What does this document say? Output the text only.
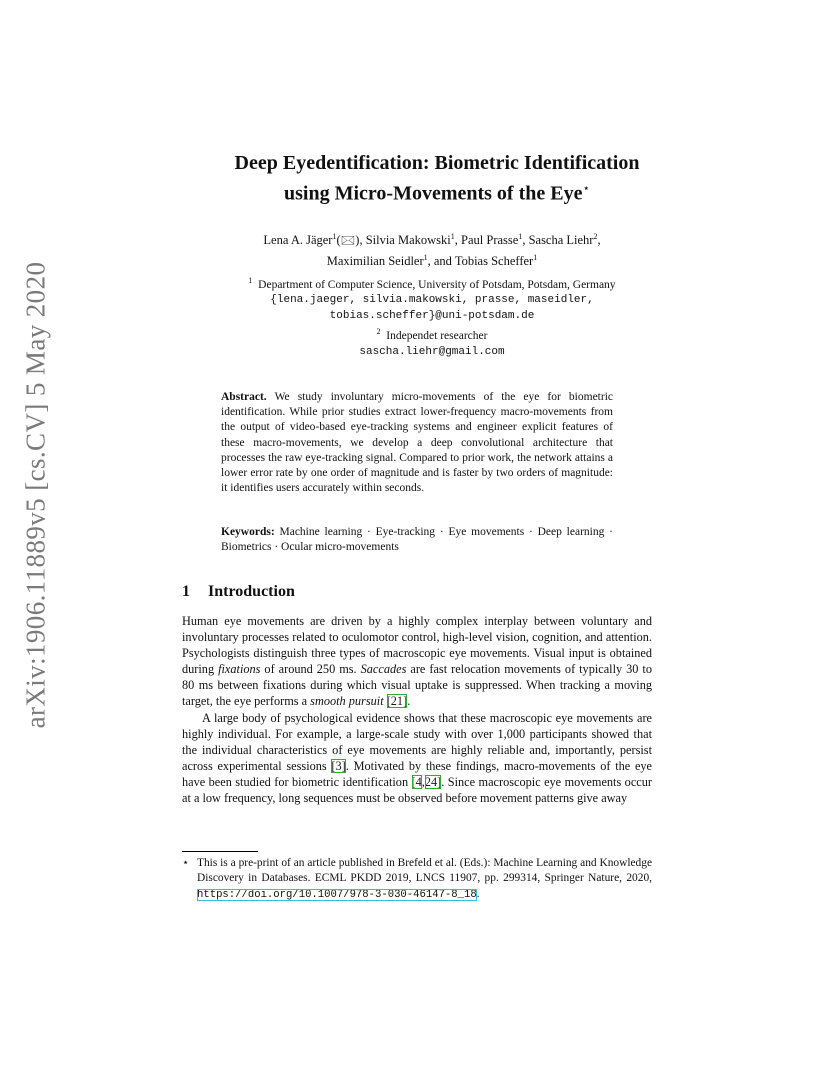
arXiv:1906.11889v5 [cs.CV] 5 May 2020
Deep Eyedentification: Biometric Identification
using Micro-Movements of the Eye⋆
Lena A. Jäger$^1$(🖂), Silvia Makowski$^1$, Paul Prasse$^1$, Sascha Liehr$^2$,
Maximilian Seidler$^1$, and Tobias Scheffer$^1$
$^1$ Department of Computer Science, University of Potsdam, Potsdam, Germany
{lena.jaeger, silvia.makowski, prasse, maseidler,
tobias.scheffer}@uni-potsdam.de
$^2$ Independet researcher
sascha.liehr@gmail.com
Abstract. We study involuntary micro-movements of the eye for biometric identification. While prior studies extract lower-frequency macro-movements from the output of video-based eye-tracking systems and engineer explicit features of these macro-movements, we develop a deep convolutional architecture that processes the raw eye-tracking signal. Compared to prior work, the network attains a lower error rate by one order of magnitude and is faster by two orders of magnitude: it identifies users accurately within seconds.
Keywords: Machine learning · Eye-tracking · Eye movements · Deep learning · Biometrics · Ocular micro-movements
1 Introduction

Human eye movements are driven by a highly complex interplay between voluntary and involuntary processes related to oculomotor control, high-level vision, cognition, and attention. Psychologists distinguish three types of macroscopic eye movements. Visual input is obtained during fixations of around 250 ms. Saccades are fast relocation movements of typically 30 to 80 ms between fixations during which visual uptake is suppressed. When tracking a moving target, the eye performs a smooth pursuit [21].

A large body of psychological evidence shows that these macroscopic eye movements are highly individual. For example, a large-scale study with over 1,000 participants showed that the individual characteristics of eye movements are highly reliable and, importantly, persist across experimental sessions [3]. Motivated by these findings, macro-movements of the eye have been studied for biometric identification [4,24]. Since macroscopic eye movements occur at a low frequency, long sequences must be observed before movement patterns give away

⋆ This is a pre-print of an article published in Brefeld et al. (Eds.): Machine Learning and Knowledge Discovery in Databases. ECML PKDD 2019, LNCS 11907, pp. 299314, Springer Nature, 2020, https://doi.org/10.1007/978-3-030-46147-8_18.
